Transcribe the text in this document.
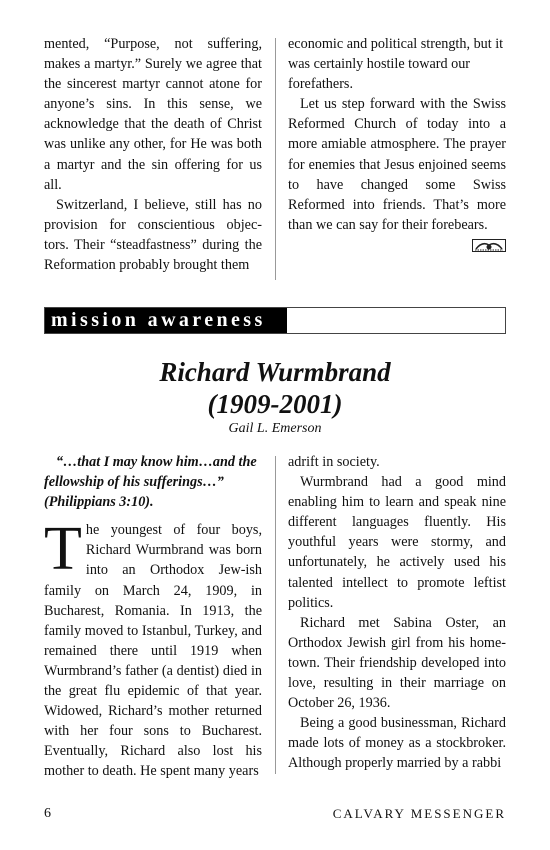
mented, “Purpose, not suffering, makes a martyr.” Surely we agree that the sincerest martyr cannot atone for anyone’s sins. In this sense, we acknowledge that the death of Christ was unlike any other, for He was both a martyr and the sin offering for us all.

Switzerland, I believe, still has no provision for conscientious objec-tors. Their “steadfastness” during the Reformation probably brought them

economic and political strength, but it was certainly hostile toward our forefathers.

Let us step forward with the Swiss Reformed Church of today into a more amiable atmosphere. The prayer for enemies that Jesus enjoined seems to have changed some Swiss Reformed into friends. That’s more than we can say for their forebears.

mission awareness
Richard Wurmbrand
(1909-2001)
Gail L. Emerson

“…that I may know him…and the fellowship of his sufferings…” (Philippians 3:10).

The youngest of four boys, Richard Wurmbrand was born into an Orthodox Jew-ish family on March 24, 1909, in Bucharest, Romania. In 1913, the family moved to Istanbul, Turkey, and remained there until 1919 when Wurmbrand’s father (a dentist) died in the great flu epidemic of that year. Widowed, Richard’s mother returned with her four sons to Bucharest. Eventually, Richard also lost his mother to death. He spent many years

adrift in society.

Wurmbrand had a good mind enabling him to learn and speak nine different languages fluently. His youthful years were stormy, and unfortunately, he actively used his talented intellect to promote leftist politics.

Richard met Sabina Oster, an Orthodox Jewish girl from his home-town. Their friendship developed into love, resulting in their marriage on October 26, 1936.

Being a good businessman, Richard made lots of money as a stockbroker. Although properly married by a rabbi

6	CALVARY MESSENGER
